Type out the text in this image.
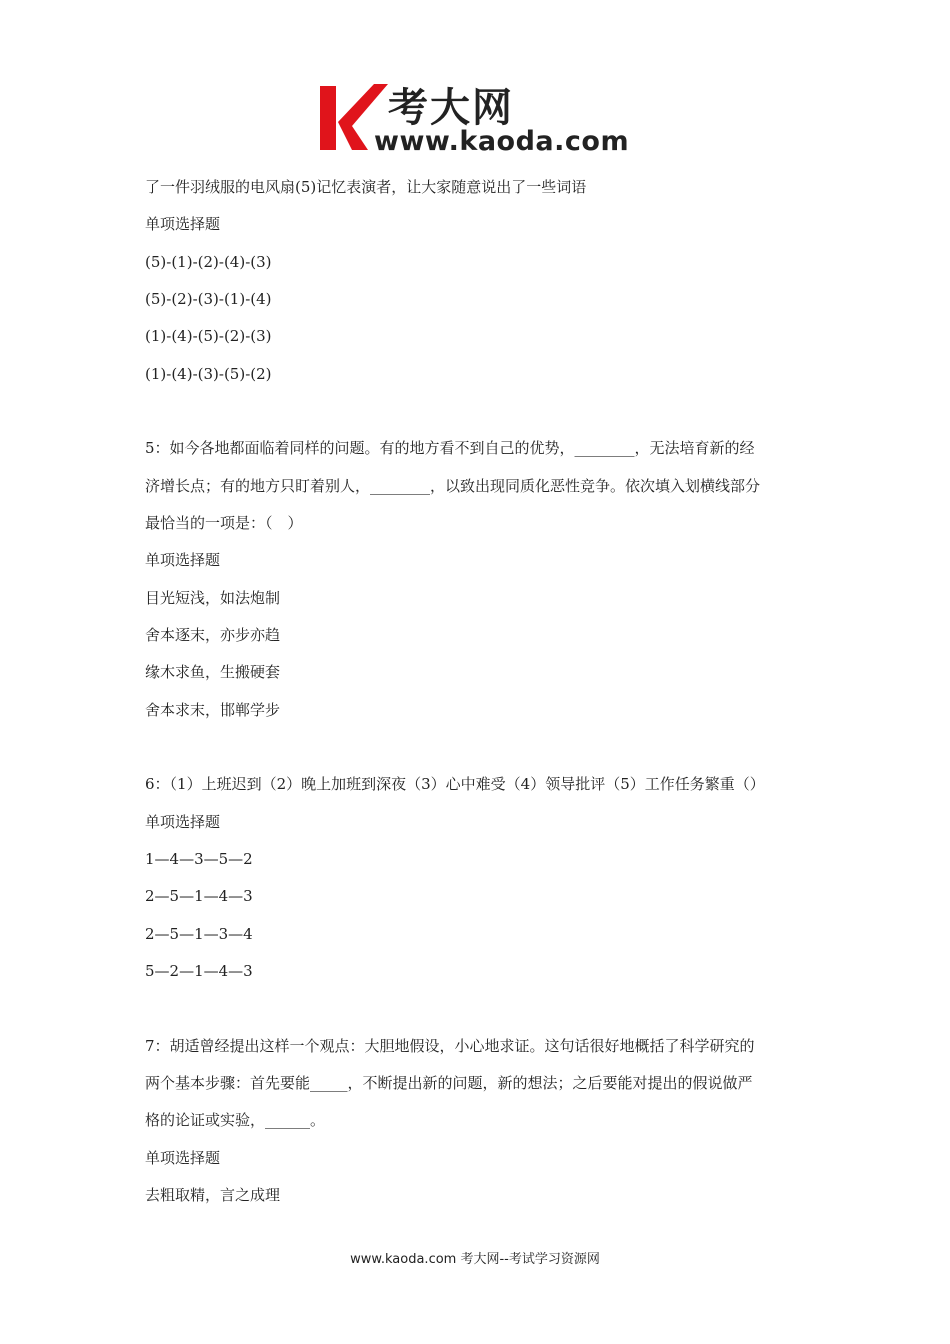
考大网
www.kaoda.com
了一件羽绒服的电风扇(5)记忆表演者，让大家随意说出了一些词语
单项选择题
(5)-(1)-(2)-(4)-(3)
(5)-(2)-(3)-(1)-(4)
(1)-(4)-(5)-(2)-(3)
(1)-(4)-(3)-(5)-(2)
5：如今各地都面临着同样的问题。有的地方看不到自己的优势，________，无法培育新的经
济增长点；有的地方只盯着别人，________，以致出现同质化恶性竞争。依次填入划横线部分
最恰当的一项是：（　）
单项选择题
目光短浅，如法炮制
舍本逐末，亦步亦趋
缘木求鱼，生搬硬套
舍本求末，邯郸学步
6：（1）上班迟到（2）晚上加班到深夜（3）心中难受（4）领导批评（5）工作任务繁重（）
单项选择题
1—4—3—5—2
2—5—1—4—3
2—5—1—3—4
5—2—1—4—3
7：胡适曾经提出这样一个观点：大胆地假设，小心地求证。这句话很好地概括了科学研究的
两个基本步骤：首先要能_____，不断提出新的问题，新的想法；之后要能对提出的假说做严
格的论证或实验，______。
单项选择题
去粗取精，言之成理
www.kaoda.com 考大网--考试学习资源网
